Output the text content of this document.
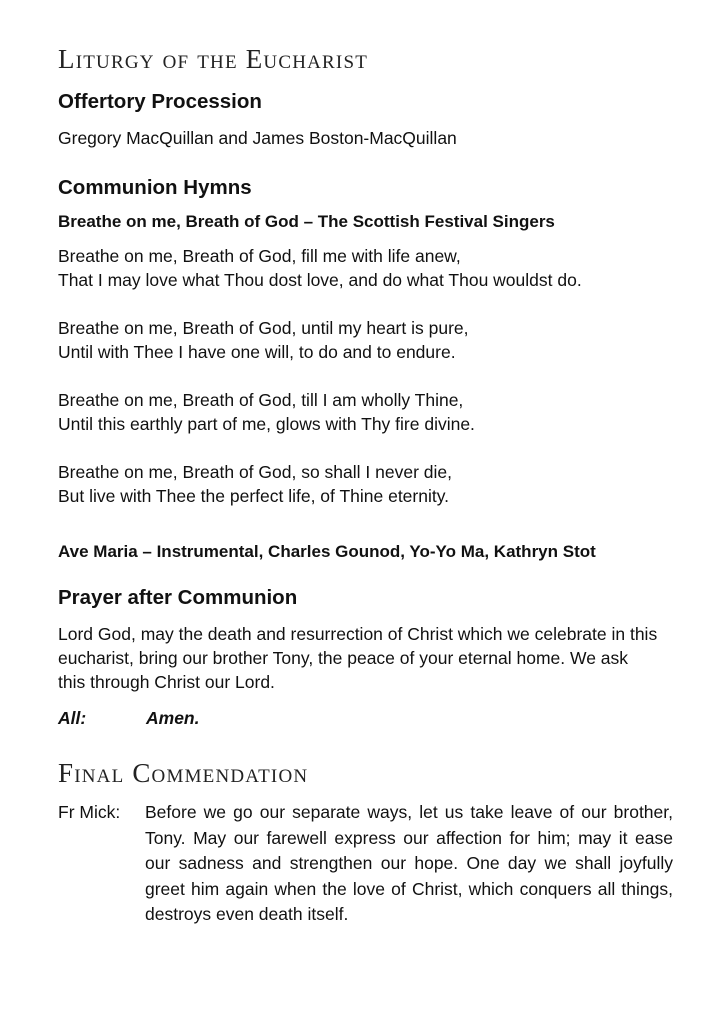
Liturgy of the Eucharist
Offertory Procession

Gregory MacQuillan and James Boston-MacQuillan

Communion Hymns
Breathe on me, Breath of God – The Scottish Festival Singers
Breathe on me, Breath of God, fill me with life anew,
That I may love what Thou dost love, and do what Thou wouldst do.
Breathe on me, Breath of God, until my heart is pure,
Until with Thee I have one will, to do and to endure.
Breathe on me, Breath of God, till I am wholly Thine,
Until this earthly part of me, glows with Thy fire divine.
Breathe on me, Breath of God, so shall I never die,
But live with Thee the perfect life, of Thine eternity.
Ave Maria – Instrumental, Charles Gounod, Yo-Yo Ma, Kathryn Stot
Prayer after Communion

Lord God, may the death and resurrection of Christ which we celebrate in this eucharist, bring our brother Tony, the peace of your eternal home. We ask this through Christ our Lord.

All:	Amen.
Final Commendation
Fr Mick:	Before we go our separate ways, let us take leave of our brother, Tony. May our farewell express our affection for him; may it ease our sadness and strengthen our hope. One day we shall joyfully greet him again when the love of Christ, which conquers all things, destroys even death itself.
